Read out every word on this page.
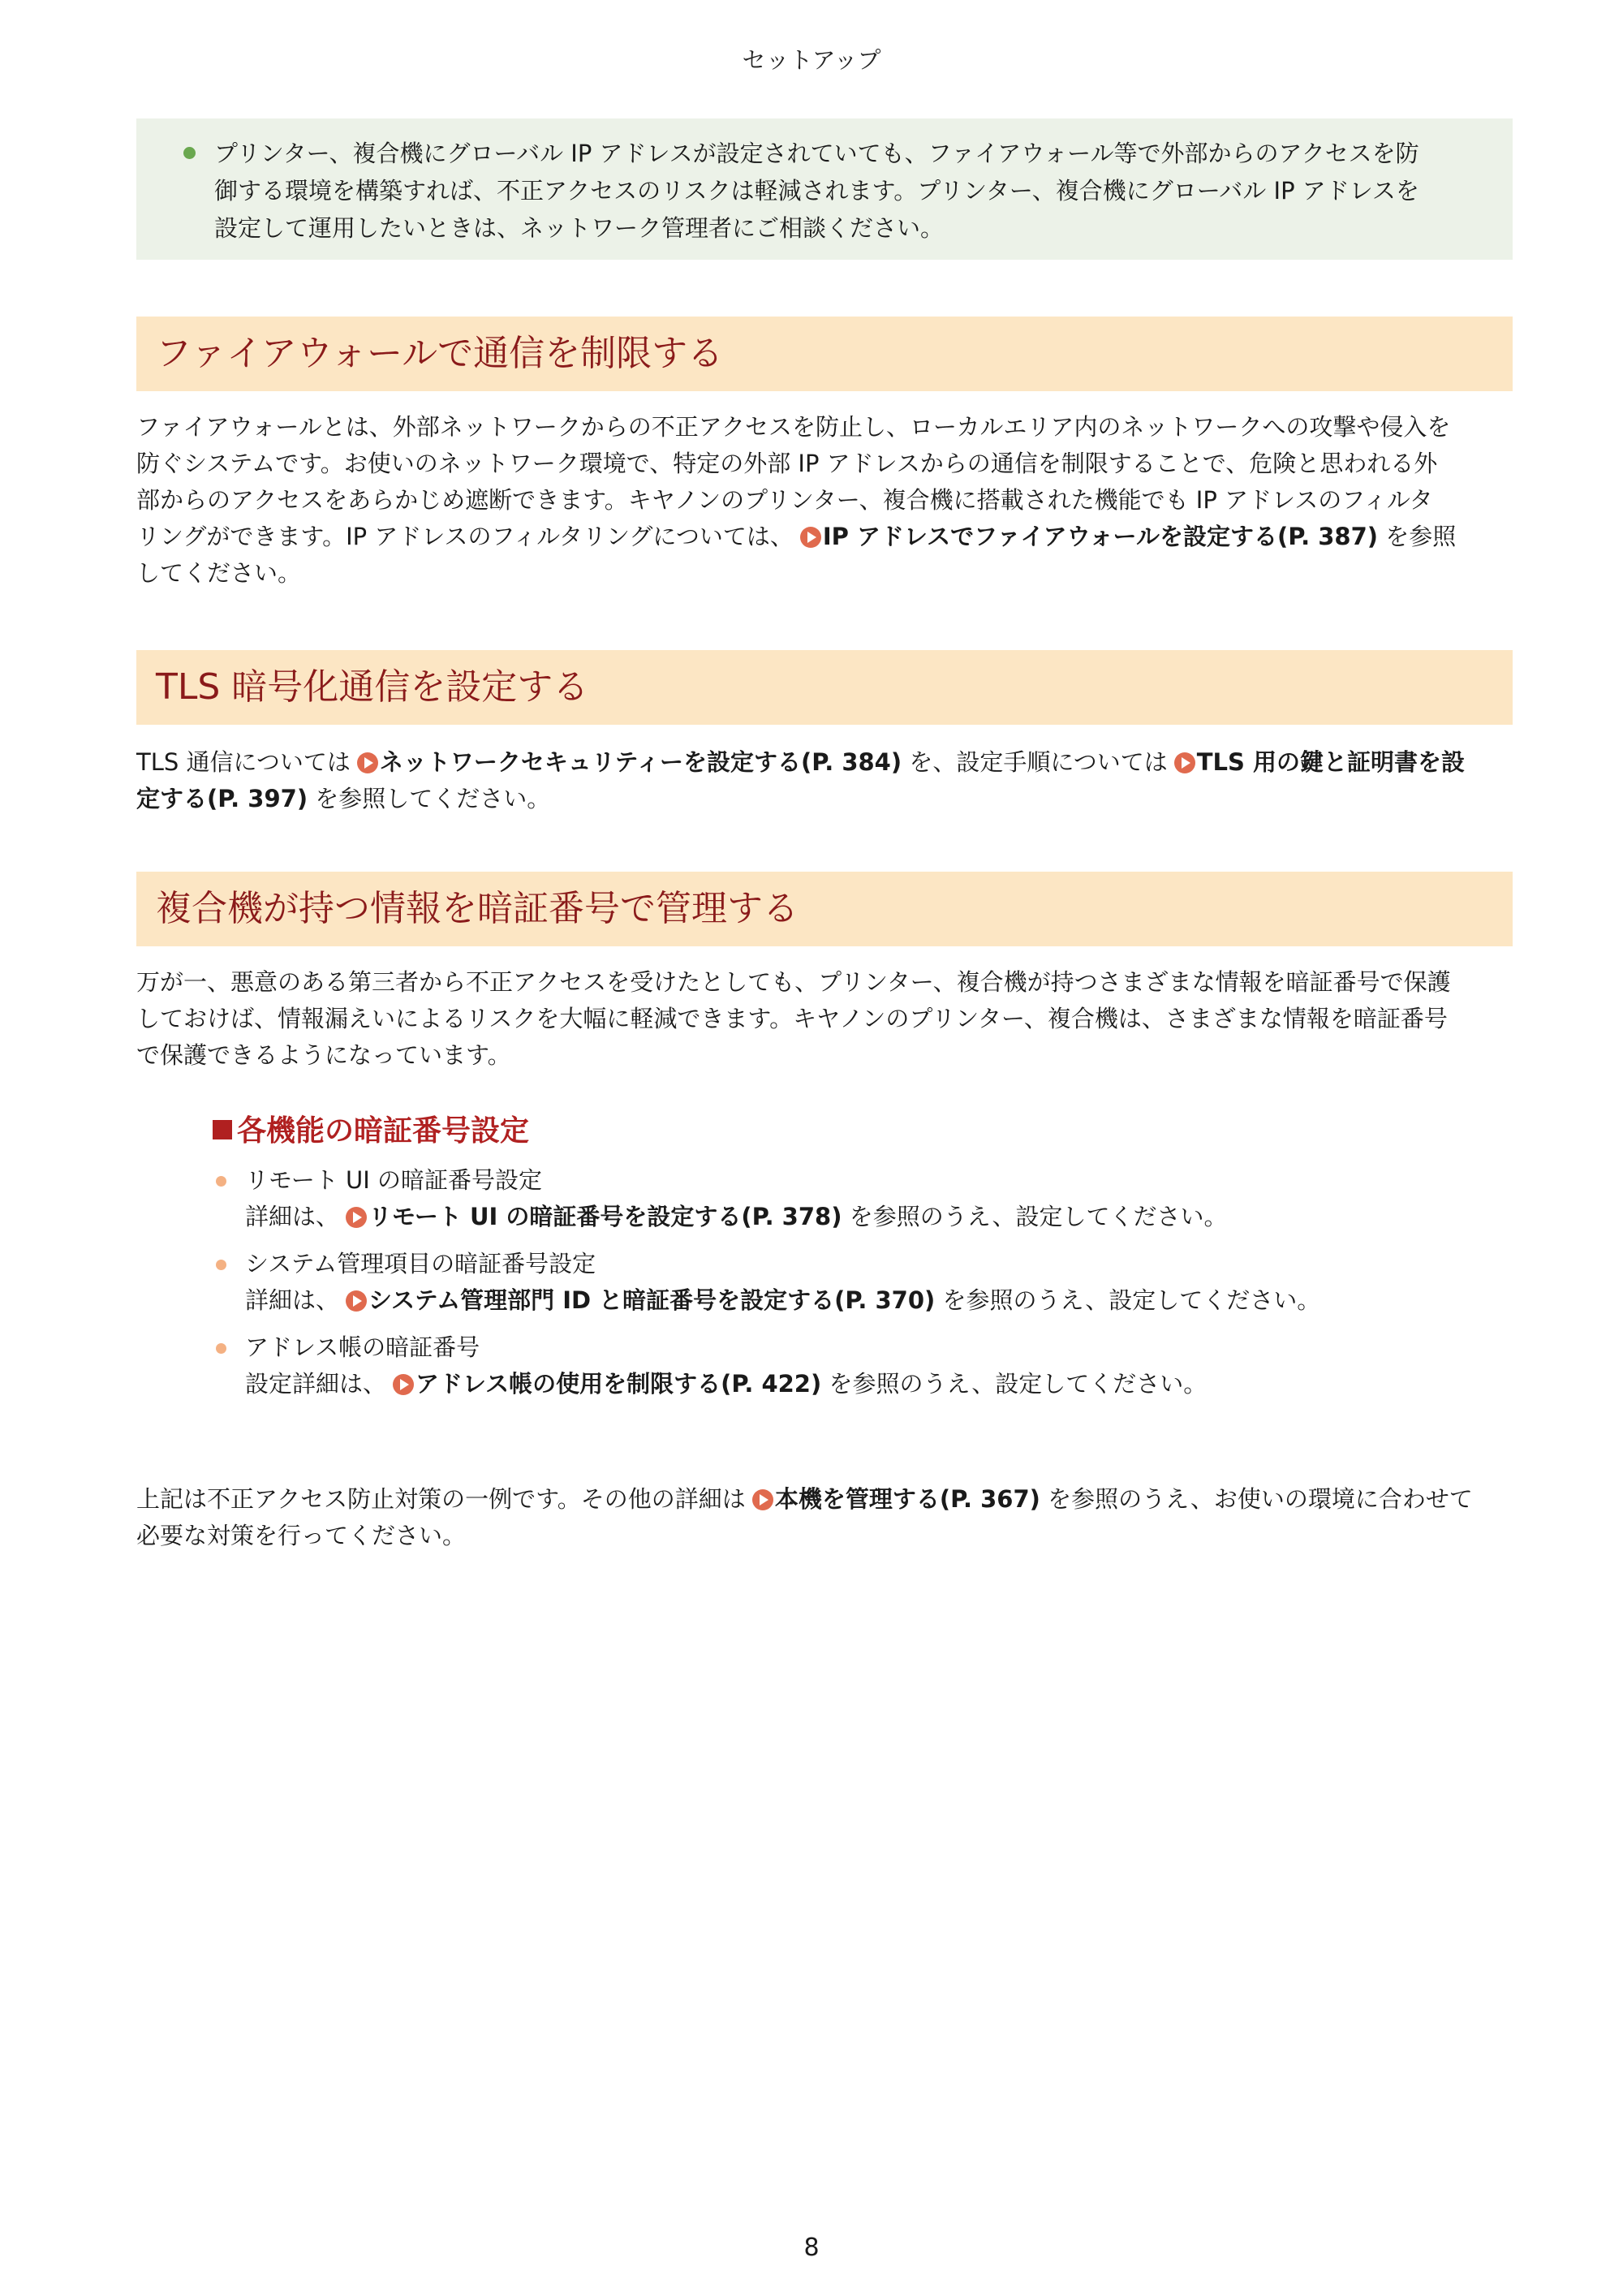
セットアップ
プリンター、複合機にグローバル IP アドレスが設定されていても、ファイアウォール等で外部からのアクセスを防
御する環境を構築すれば、不正アクセスのリスクは軽減されます。プリンター、複合機にグローバル IP アドレスを
設定して運用したいときは、ネットワーク管理者にご相談ください。
ファイアウォールで通信を制限する
ファイアウォールとは、外部ネットワークからの不正アクセスを防止し、ローカルエリア内のネットワークへの攻撃や侵入を
防ぐシステムです。お使いのネットワーク環境で、特定の外部 IP アドレスからの通信を制限することで、危険と思われる外
部からのアクセスをあらかじめ遮断できます。キヤノンのプリンター、複合機に搭載された機能でも IP アドレスのフィルタ
リングができます。IP アドレスのフィルタリングについては、 IP アドレスでファイアウォールを設定する(P. 387) を参照
してください。
TLS 暗号化通信を設定する
TLS 通信については ネットワークセキュリティーを設定する(P. 384) を、設定手順については TLS 用の鍵と証明書を設
定する(P. 397) を参照してください。
複合機が持つ情報を暗証番号で管理する
万が一、悪意のある第三者から不正アクセスを受けたとしても、プリンター、複合機が持つさまざまな情報を暗証番号で保護
しておけば、情報漏えいによるリスクを大幅に軽減できます。キヤノンのプリンター、複合機は、さまざまな情報を暗証番号
で保護できるようになっています。
各機能の暗証番号設定
リモート UI の暗証番号設定
詳細は、 リモート UI の暗証番号を設定する(P. 378) を参照のうえ、設定してください。
システム管理項目の暗証番号設定
詳細は、 システム管理部門 ID と暗証番号を設定する(P. 370) を参照のうえ、設定してください。
アドレス帳の暗証番号
設定詳細は、 アドレス帳の使用を制限する(P. 422) を参照のうえ、設定してください。
上記は不正アクセス防止対策の一例です。その他の詳細は 本機を管理する(P. 367) を参照のうえ、お使いの環境に合わせて
必要な対策を行ってください。
8
